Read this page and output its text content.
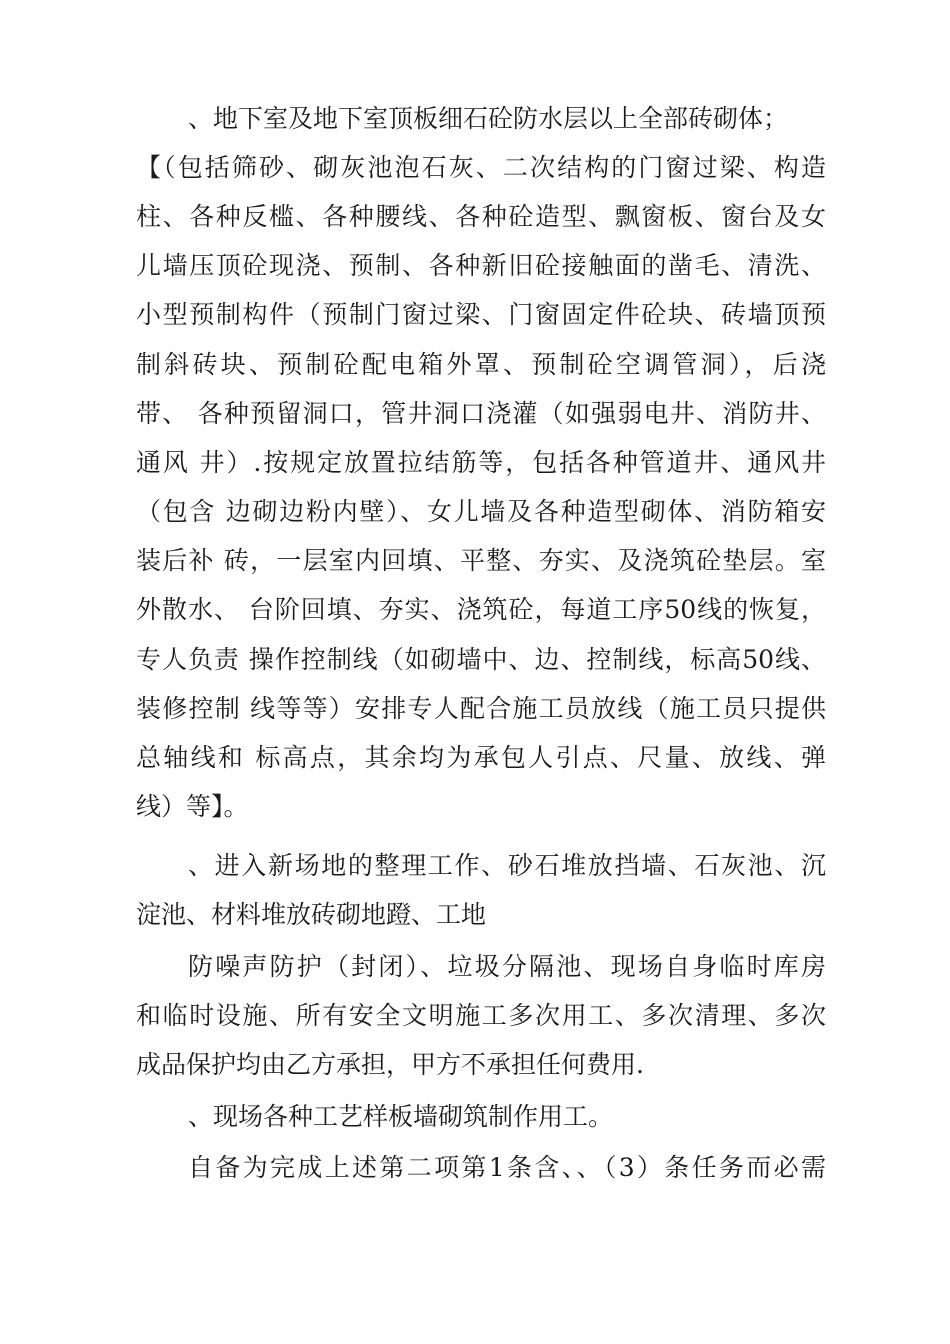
、地下室及地下室顶板细石砼防水层以上全部砖砌体；
【（包括筛砂、砌灰池泡石灰、二次结构的门窗过梁、构造
柱、各种反槛、各种腰线、各种砼造型、飘窗板、窗台及女
儿墙压顶砼现浇、预制、各种新旧砼接触面的凿毛、清洗、
小型预制构件（预制门窗过梁、门窗固定件砼块、砖墙顶预
制斜砖块、预制砼配电箱外罩、预制砼空调管洞），后浇
带、 各种预留洞口，管井洞口浇灌（如强弱电井、消防井、
通风 井）.按规定放置拉结筋等，包括各种管道井、通风井
（包含 边砌边粉内壁）、女儿墙及各种造型砌体、消防箱安
装后补 砖，一层室内回填、平整、夯实、及浇筑砼垫层。室
外散水、 台阶回填、夯实、浇筑砼，每道工序50线的恢复，
专人负责 操作控制线（如砌墙中、边、控制线，标高50线、
装修控制 线等等）安排专人配合施工员放线（施工员只提供
总轴线和 标高点，其余均为承包人引点、尺量、放线、弹
线）等】。
、进入新场地的整理工作、砂石堆放挡墙、石灰池、沉
淀池、材料堆放砖砌地蹬、工地
防噪声防护（封闭）、垃圾分隔池、现场自身临时库房
和临时设施、所有安全文明施工多次用工、多次清理、多次
成品保护均由乙方承担，甲方不承担任何费用.
、现场各种工艺样板墙砌筑制作用工。
自备为完成上述第二项第1条含、、（3）条任务而必需
